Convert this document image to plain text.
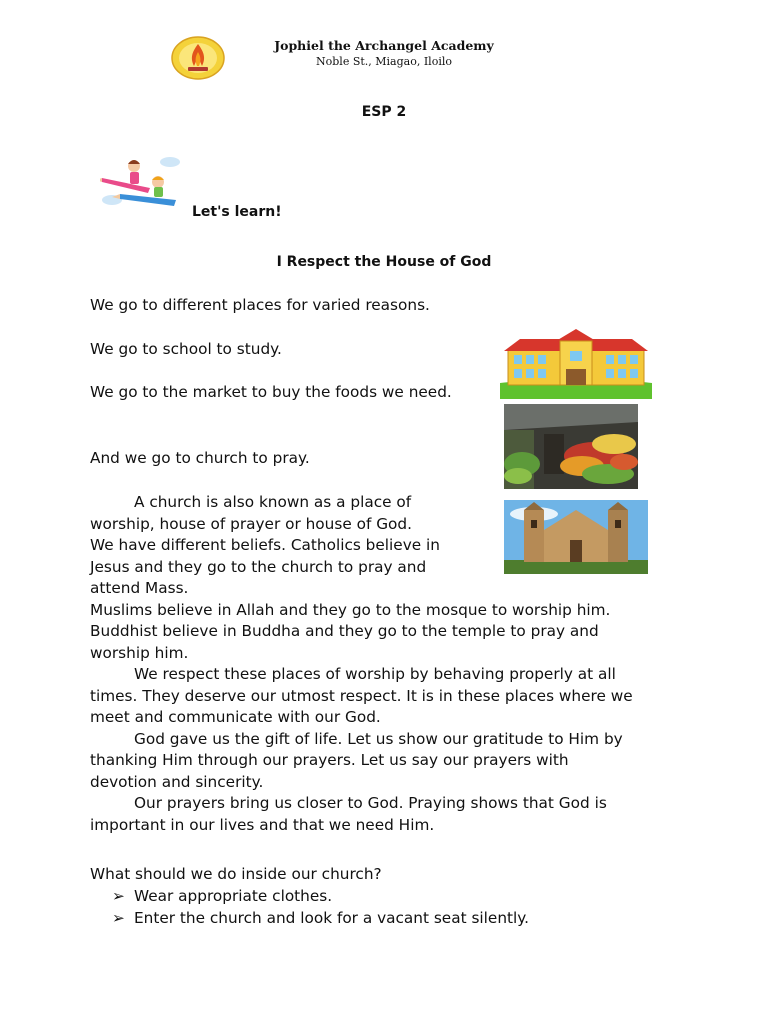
Jophiel the Archangel Academy
Noble St., Miagao, Iloilo
ESP 2
Let's learn!
I Respect the House of God
We go to different places for varied reasons.
We go to school to study.
We go to the market to buy the foods we need.
And we go to church to pray.
A church is also known as a place of
worship, house of prayer or house of God.
We have different beliefs. Catholics believe in
Jesus and they go to the church to pray and
attend Mass.
Muslims believe in Allah and they go to the mosque to worship him.
Buddhist believe in Buddha and they go to the temple to pray and
worship him.
We respect these places of worship by behaving properly at all
times. They deserve our utmost respect. It is in these places where we
meet and communicate with our God.
God gave us the gift of life. Let us show our gratitude to Him by
thanking Him through our prayers. Let us say our prayers with
devotion and sincerity.
Our prayers bring us closer to God. Praying shows that God is
important in our lives and that we need Him.
What should we do inside our church?
➢ Wear appropriate clothes.
➢ Enter the church and look for a vacant seat silently.
